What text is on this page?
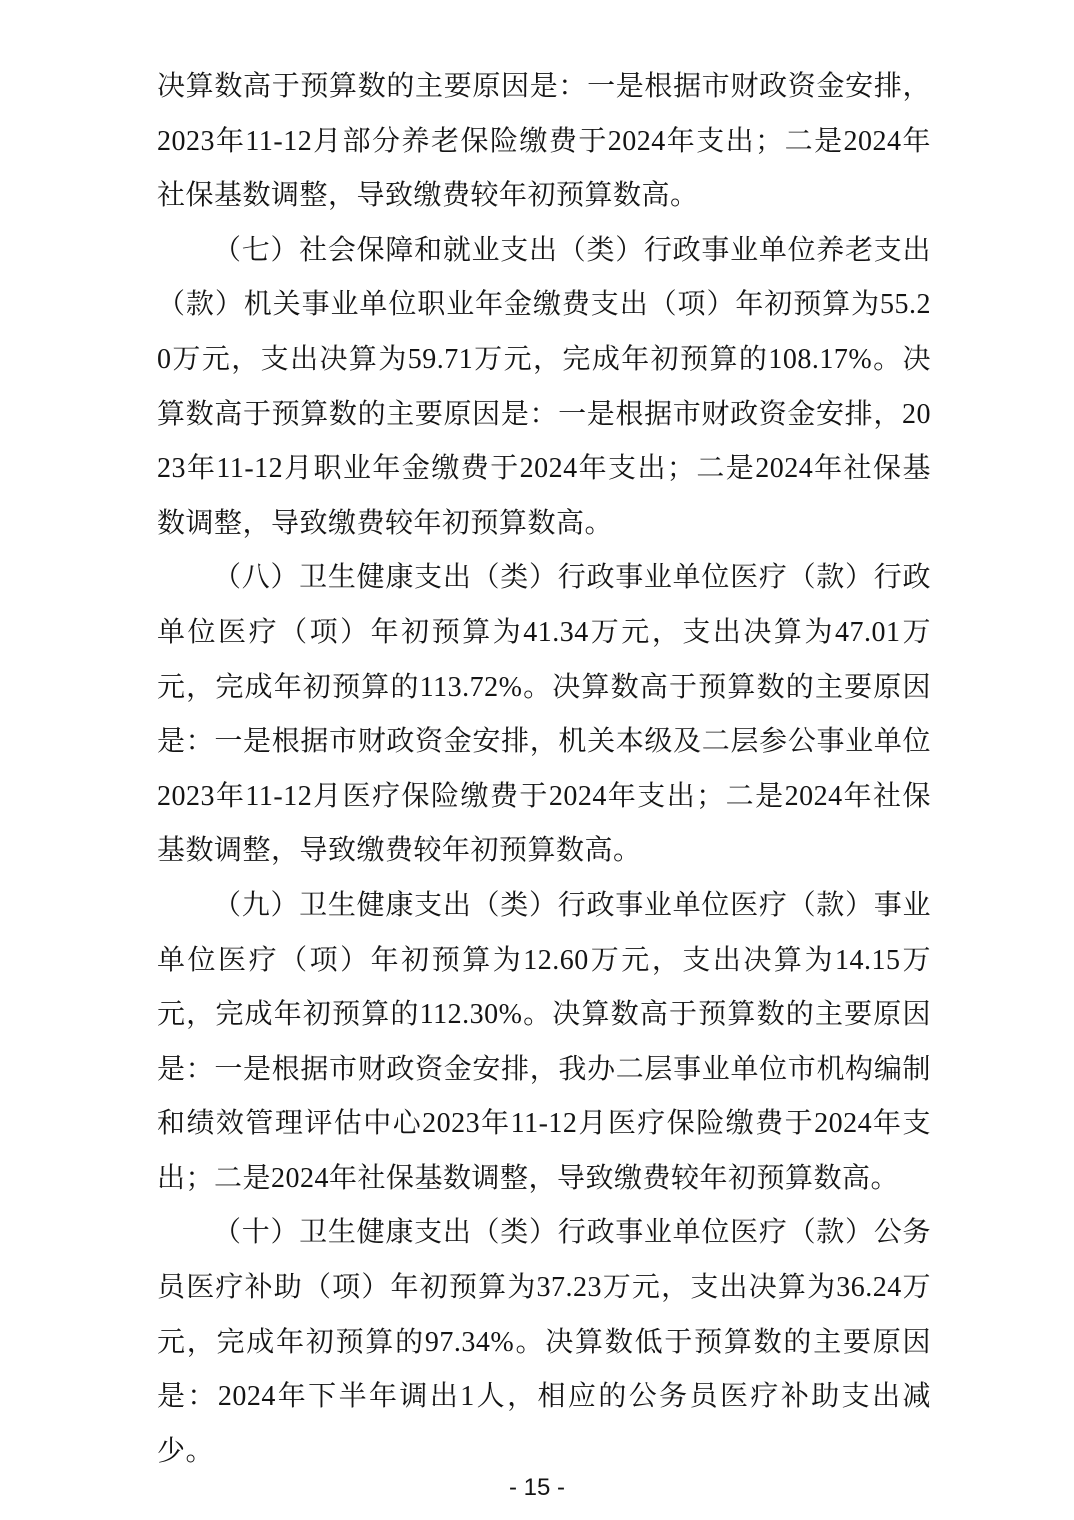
决算数高于预算数的主要原因是：一是根据市财政资金安排，2023年11-12月部分养老保险缴费于2024年支出；二是2024年社保基数调整，导致缴费较年初预算数高。

（七）社会保障和就业支出（类）行政事业单位养老支出（款）机关事业单位职业年金缴费支出（项）年初预算为55.20万元，支出决算为59.71万元，完成年初预算的108.17%。决算数高于预算数的主要原因是：一是根据市财政资金安排，2023年11-12月职业年金缴费于2024年支出；二是2024年社保基数调整，导致缴费较年初预算数高。

（八）卫生健康支出（类）行政事业单位医疗（款）行政单位医疗（项）年初预算为41.34万元，支出决算为47.01万元，完成年初预算的113.72%。决算数高于预算数的主要原因是：一是根据市财政资金安排，机关本级及二层参公事业单位2023年11-12月医疗保险缴费于2024年支出；二是2024年社保基数调整，导致缴费较年初预算数高。

（九）卫生健康支出（类）行政事业单位医疗（款）事业单位医疗（项）年初预算为12.60万元，支出决算为14.15万元，完成年初预算的112.30%。决算数高于预算数的主要原因是：一是根据市财政资金安排，我办二层事业单位市机构编制和绩效管理评估中心2023年11-12月医疗保险缴费于2024年支出；二是2024年社保基数调整，导致缴费较年初预算数高。

（十）卫生健康支出（类）行政事业单位医疗（款）公务员医疗补助（项）年初预算为37.23万元，支出决算为36.24万元，完成年初预算的97.34%。决算数低于预算数的主要原因是：2024年下半年调出1人，相应的公务员医疗补助支出减少。

- 15 -
